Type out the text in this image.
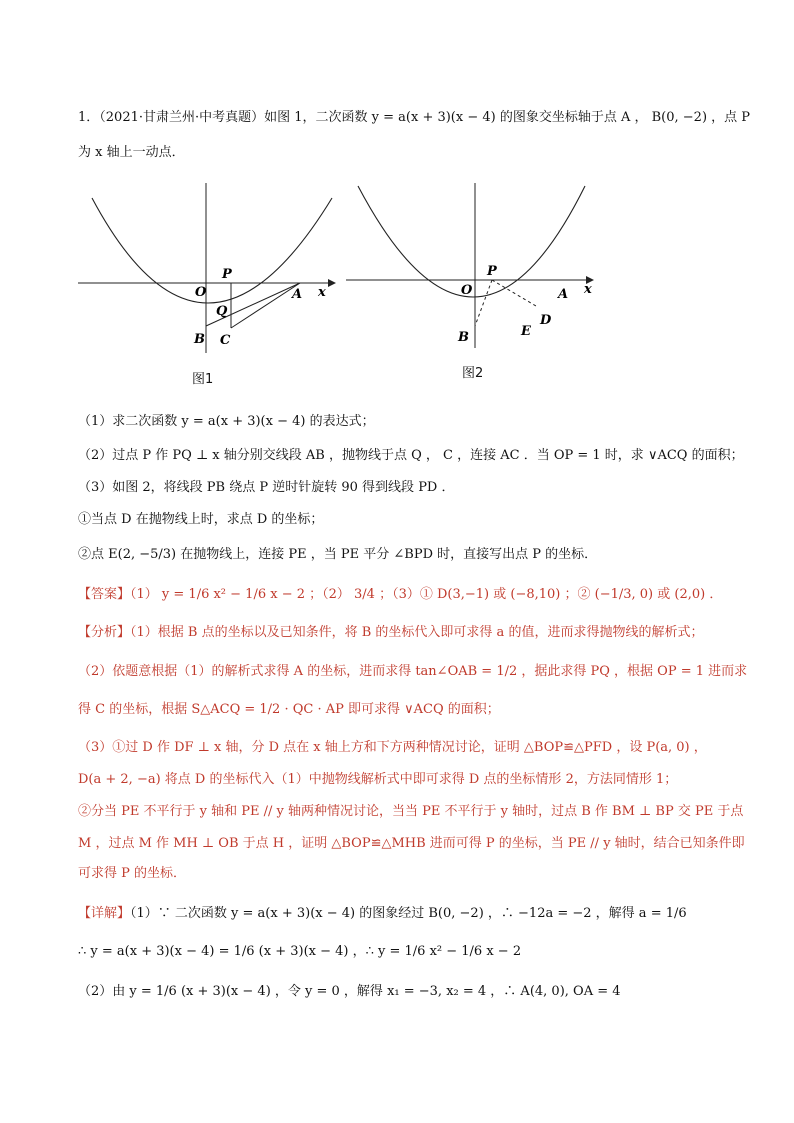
1．（2021·甘肃兰州·中考真题）如图 1，二次函数 y = a(x + 3)(x − 4) 的图象交坐标轴于点 A ， B(0, −2) ，点 P
为 x 轴上一动点．
P
O	A x
Q
B C
图1
P
O	A x
D
E
B
图2
（1）求二次函数 y = a(x + 3)(x − 4) 的表达式；
（2）过点 P 作 PQ ⊥ x 轴分别交线段 AB ，抛物线于点 Q ， C ，连接 AC ．当 OP = 1 时，求 ∨ACQ 的面积；
（3）如图 2，将线段 PB 绕点 P 逆时针旋转 90 得到线段 PD ．
①当点 D 在抛物线上时，求点 D 的坐标；
②点 E(2, −5/3) 在抛物线上，连接 PE ，当 PE 平分 ∠BPD 时，直接写出点 P 的坐标．
【答案】（1） y = 1/6 x² − 1/6 x − 2 ；（2） 3/4 ；（3）① D(3,−1) 或 (−8,10) ；② (−1/3, 0) 或 (2,0) ．
【分析】（1）根据 B 点的坐标以及已知条件，将 B 的坐标代入即可求得 a 的值，进而求得抛物线的解析式；
（2）依题意根据（1）的解析式求得 A 的坐标，进而求得 tan∠OAB = 1/2 ，据此求得 PQ ，根据 OP = 1 进而求
得 C 的坐标，根据 S△ACQ = 1/2 · QC · AP 即可求得 ∨ACQ 的面积；
（3）①过 D 作 DF ⊥ x 轴，分 D 点在 x 轴上方和下方两种情况讨论，证明 △BOP≌△PFD ，设 P(a, 0) ，
D(a + 2, −a) 将点 D 的坐标代入（1）中抛物线解析式中即可求得 D 点的坐标情形 2，方法同情形 1；
②分当 PE 不平行于 y 轴和 PE // y 轴两种情况讨论，当当 PE 不平行于 y 轴时，过点 B 作 BM ⊥ BP 交 PE 于点
M ，过点 M 作 MH ⊥ OB 于点 H ，证明 △BOP≌△MHB 进而可得 P 的坐标，当 PE // y 轴时，结合已知条件即
可求得 P 的坐标．
【详解】（1）∵ 二次函数 y = a(x + 3)(x − 4) 的图象经过 B(0, −2) ，∴ −12a = −2 ，解得 a = 1/6
∴ y = a(x + 3)(x − 4) = 1/6 (x + 3)(x − 4) ，∴ y = 1/6 x² − 1/6 x − 2
（2）由 y = 1/6 (x + 3)(x − 4) ，令 y = 0 ，解得 x₁ = −3, x₂ = 4 ，∴ A(4, 0), OA = 4
